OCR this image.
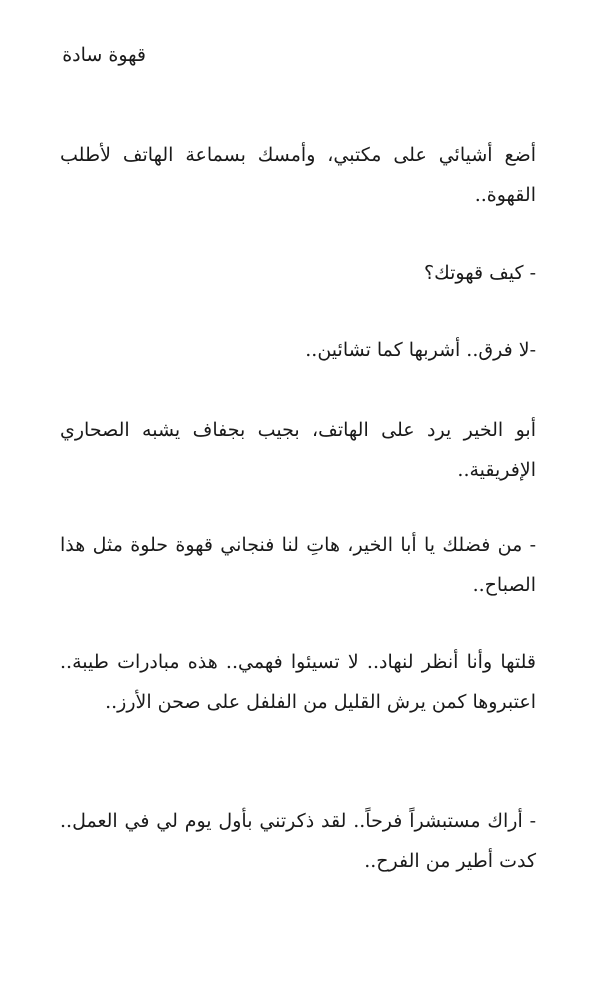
قهوة سادة

أضع أشيائي على مكتبي، وأمسك بسماعة الهاتف لأطلب القهوة..

- كيف قهوتك؟

-لا فرق.. أشربها كما تشائين..

أبو الخير يرد على الهاتف، بجيب بجفاف يشبه الصحاري الإفريقية..

- من فضلك يا أبا الخير، هاتِ لنا فنجاني قهوة حلوة مثل هذا الصباح..

قلتها وأنا أنظر لنهاد.. لا تسيئوا فهمي.. هذه مبادرات طيبة.. اعتبروها كمن يرش القليل من الفلفل على صحن الأرز..

- أراك مستبشراً فرحاً.. لقد ذكرتني بأول يوم لي في العمل.. كدت أطير من الفرح..
